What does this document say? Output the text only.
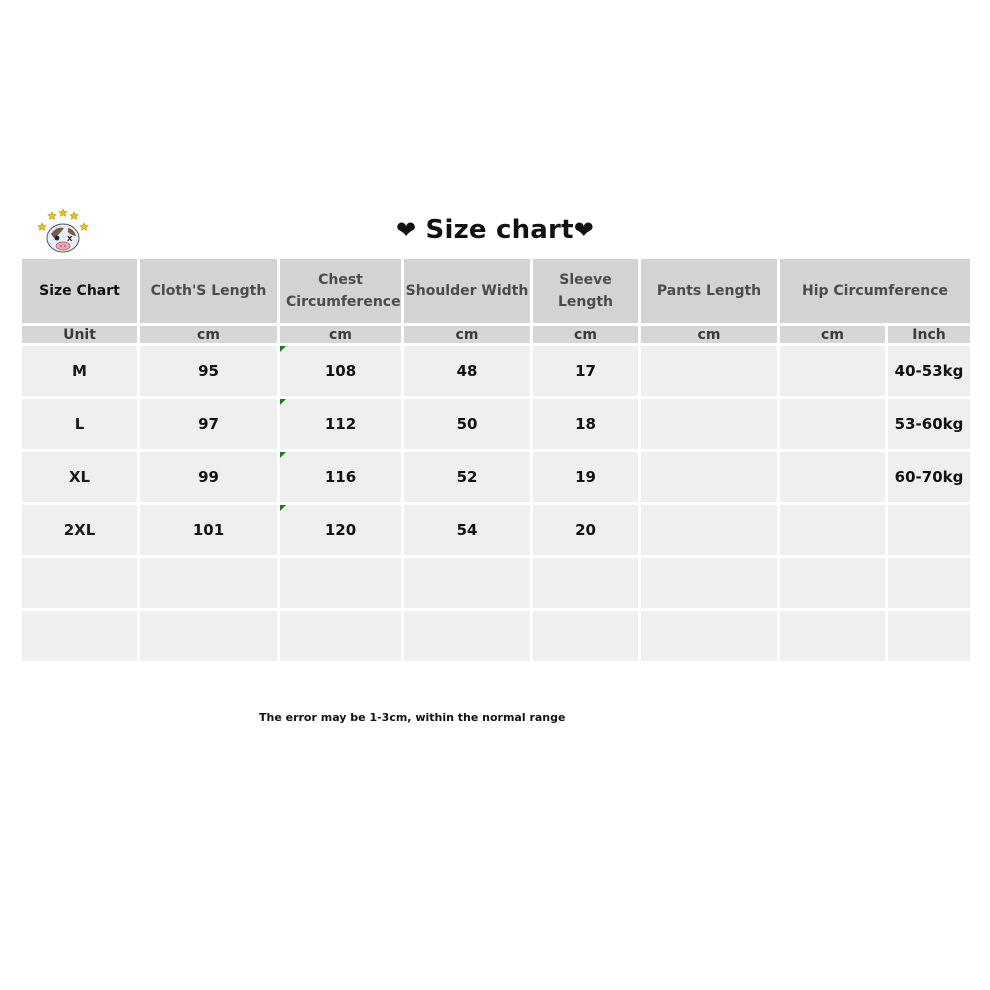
X	❤ Size chart❤
Size Chart	Cloth'S Length	Chest Circumference	Shoulder Width	Sleeve Length	Pants Length	Hip Circumference	
Unit	cm	cm	cm	cm	cm	cm	Inch
M	95	108	48	17			40-53kg
L	97	112	50	18			53-60kg
XL	99	116	52	19			60-70kg
2XL	101	120	54	20			

The error may be 1-3cm, within the normal range
